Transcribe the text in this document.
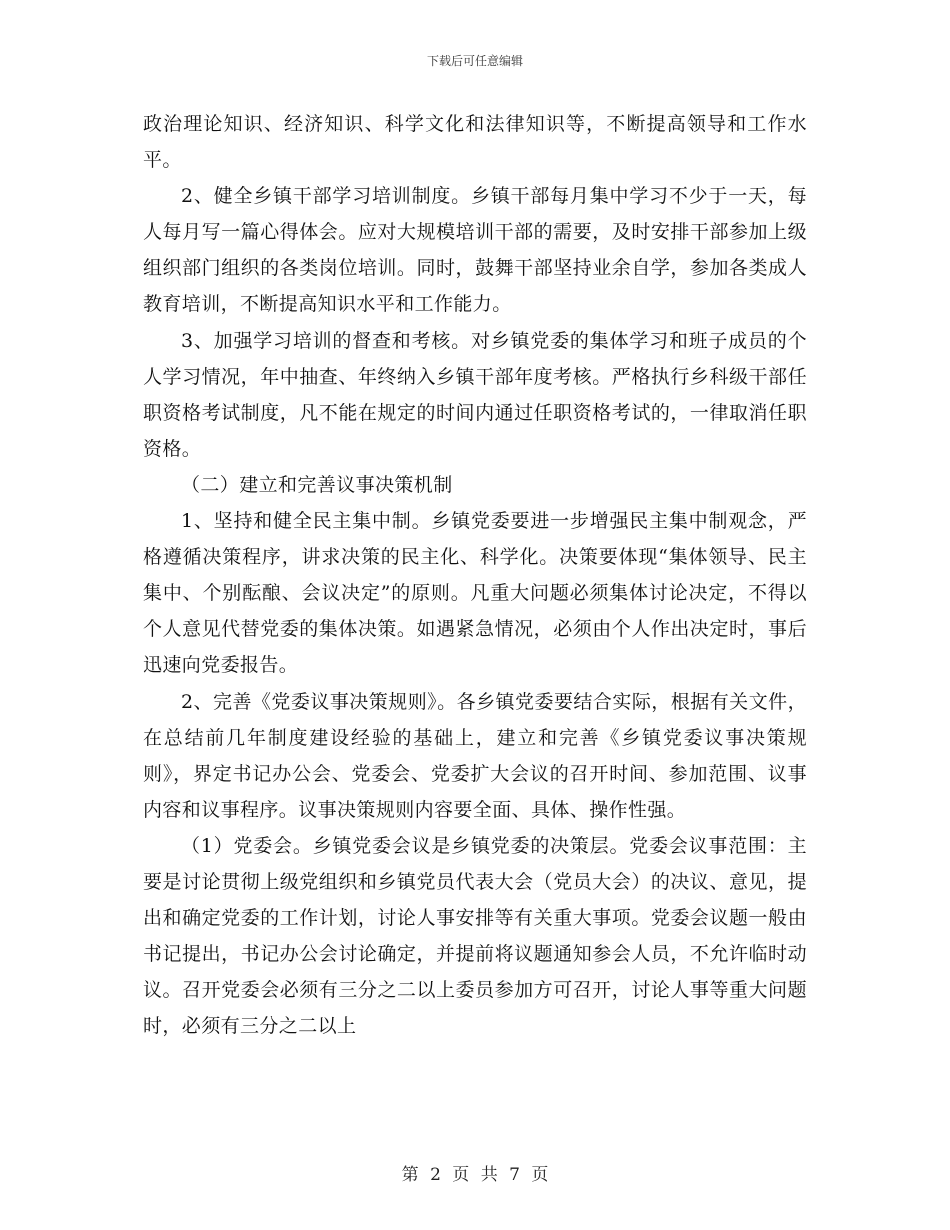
下载后可任意编辑

政治理论知识、经济知识、科学文化和法律知识等，不断提高领导和工作水平。

2、健全乡镇干部学习培训制度。乡镇干部每月集中学习不少于一天，每人每月写一篇心得体会。应对大规模培训干部的需要，及时安排干部参加上级组织部门组织的各类岗位培训。同时，鼓舞干部坚持业余自学，参加各类成人教育培训，不断提高知识水平和工作能力。

3、加强学习培训的督查和考核。对乡镇党委的集体学习和班子成员的个人学习情况，年中抽查、年终纳入乡镇干部年度考核。严格执行乡科级干部任职资格考试制度，凡不能在规定的时间内通过任职资格考试的，一律取消任职资格。

（二）建立和完善议事决策机制

1、坚持和健全民主集中制。乡镇党委要进一步增强民主集中制观念，严格遵循决策程序，讲求决策的民主化、科学化。决策要体现“集体领导、民主集中、个别酝酿、会议决定”的原则。凡重大问题必须集体讨论决定，不得以个人意见代替党委的集体决策。如遇紧急情况，必须由个人作出决定时，事后迅速向党委报告。

2、完善《党委议事决策规则》。各乡镇党委要结合实际，根据有关文件，在总结前几年制度建设经验的基础上，建立和完善《乡镇党委议事决策规则》，界定书记办公会、党委会、党委扩大会议的召开时间、参加范围、议事内容和议事程序。议事决策规则内容要全面、具体、操作性强。

（1）党委会。乡镇党委会议是乡镇党委的决策层。党委会议事范围：主要是讨论贯彻上级党组织和乡镇党员代表大会（党员大会）的决议、意见，提出和确定党委的工作计划，讨论人事安排等有关重大事项。党委会议题一般由书记提出，书记办公会讨论确定，并提前将议题通知参会人员，不允许临时动议。召开党委会必须有三分之二以上委员参加方可召开，讨论人事等重大问题时，必须有三分之二以上

第 2 页 共 7 页
